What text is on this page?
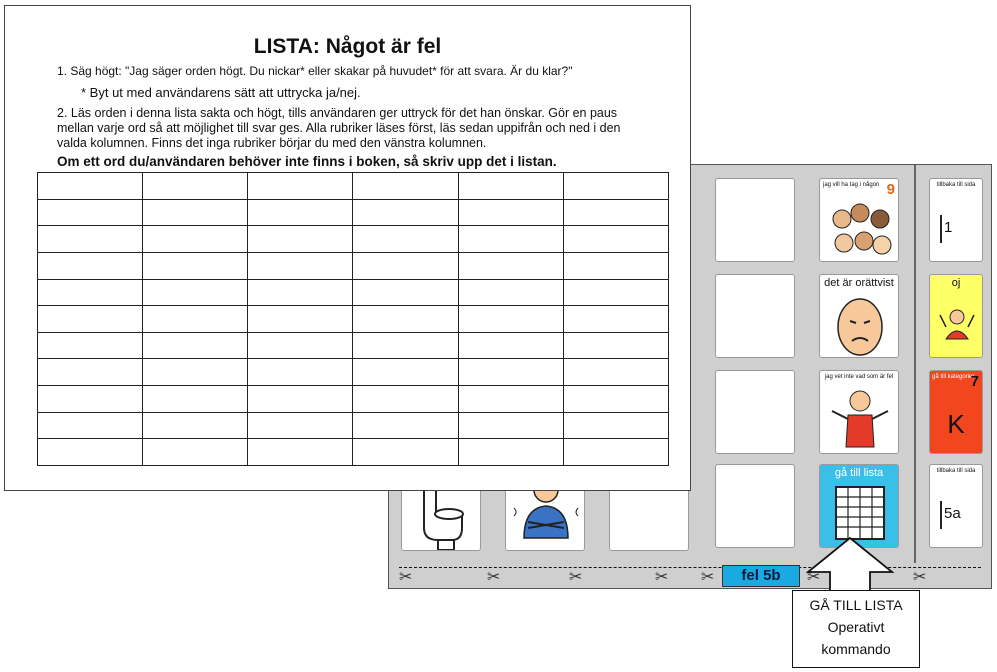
jag vill ha tag i någon 9
det är orättvist
jag vet inte vad som är fel
gå till lista
tillbaka till sida
1
oj
gå till kategorier
7
K
tillbaka till sida
5a
✂	✂	✂	✂ ✂	✂	✂
fel 5b
LISTA: Något är fel
1. Säg högt: "Jag säger orden högt. Du nickar* eller skakar på huvudet* för att svara. Är du klar?"
* Byt ut med användarens sätt att uttrycka ja/nej.
2. Läs orden i denna lista sakta och högt, tills användaren ger uttryck för det han önskar. Gör en paus mellan varje ord så att möjlighet till svar ges. Alla rubriker läses först, läs sedan uppifrån och ned i den valda kolumnen. Finns det inga rubriker börjar du med den vänstra kolumnen.
Om ett ord du/användaren behöver inte finns i boken, så skriv upp det i listan.

GÅ TILL LISTA
Operativt
kommando
